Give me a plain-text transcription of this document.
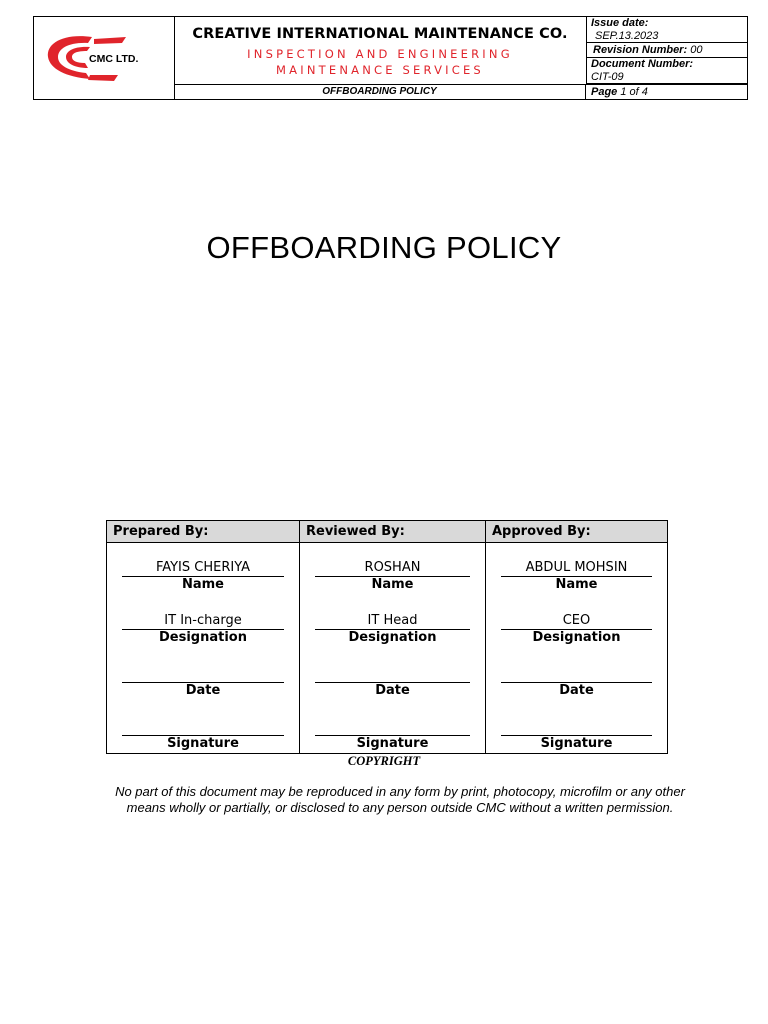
CMC LTD.
CREATIVE INTERNATIONAL MAINTENANCE CO.
INSPECTION AND ENGINEERING MAINTENANCE SERVICES
OFFBOARDING POLICY
Issue date:
SEP.13.2023
Revision Number: 00
Document Number:
CIT-09
Page 1 of 4
OFFBOARDING POLICY
Prepared By:
FAYIS CHERIYA
Name
IT In-charge
Designation
Date
Signature
Reviewed By:
ROSHAN
Name
IT Head
Designation
Date
Signature
Approved By:
ABDUL MOHSIN
Name
CEO
Designation
Date
Signature
COPYRIGHT
No part of this document may be reproduced in any form by print, photocopy, microfilm or any other means wholly or partially, or disclosed to any person outside CMC without a written permission.
